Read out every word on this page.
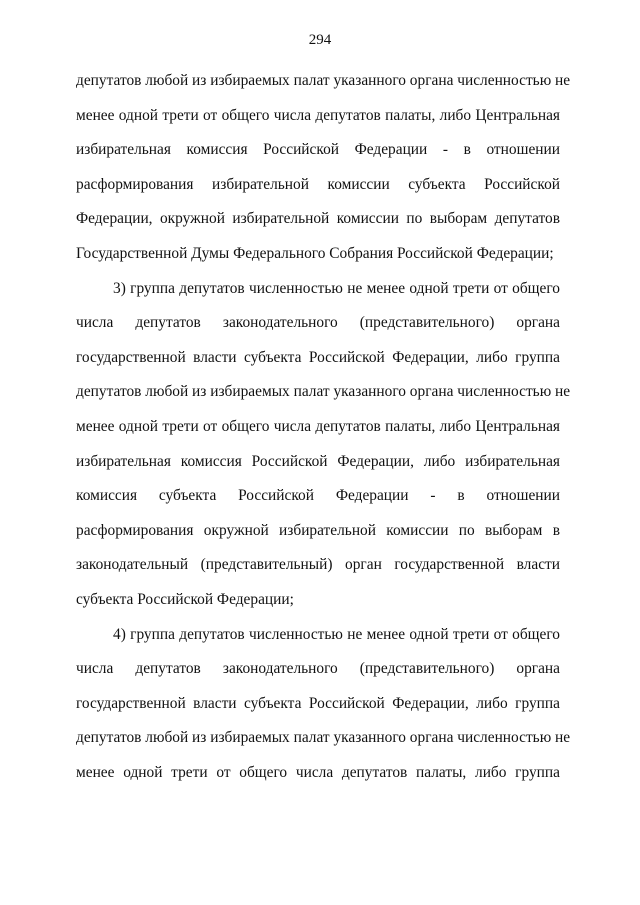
294
депутатов любой из избираемых палат указанного органа численностью не
менее одной трети от общего числа депутатов палаты, либо Центральная
избирательная комиссия Российской Федерации - в отношении
расформирования избирательной комиссии субъекта Российской
Федерации, окружной избирательной комиссии по выборам депутатов
Государственной Думы Федерального Собрания Российской Федерации;
3) группа депутатов численностью не менее одной трети от общего
числа депутатов законодательного (представительного) органа
государственной власти субъекта Российской Федерации, либо группа
депутатов любой из избираемых палат указанного органа численностью не
менее одной трети от общего числа депутатов палаты, либо Центральная
избирательная комиссия Российской Федерации, либо избирательная
комиссия субъекта Российской Федерации - в отношении
расформирования окружной избирательной комиссии по выборам в
законодательный (представительный) орган государственной власти
субъекта Российской Федерации;
4) группа депутатов численностью не менее одной трети от общего
числа депутатов законодательного (представительного) органа
государственной власти субъекта Российской Федерации, либо группа
депутатов любой из избираемых палат указанного органа численностью не
менее одной трети от общего числа депутатов палаты, либо группа
